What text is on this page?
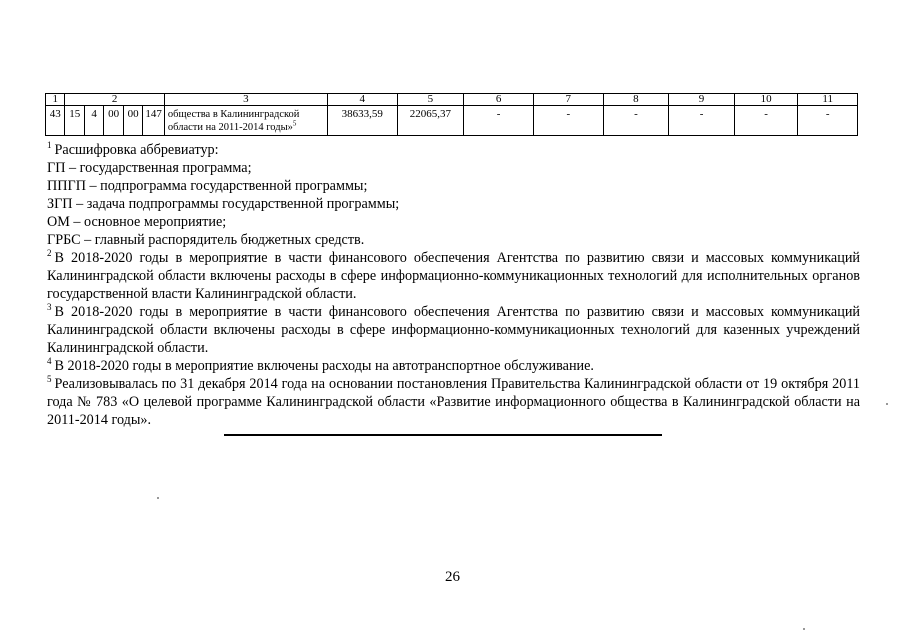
1	2					3	4	5	6	7	8	9	10	11
43	15	4	00	00	147	общества в Калининградской
области на 2011-2014 годы»$^5$	38633,59	22065,37	-	-	-	-	-	-

$^1$ Расшифровка аббревиатур:

ГП – государственная программа;

ППГП – подпрограмма государственной программы;

ЗГП – задача подпрограммы государственной программы;

ОМ – основное мероприятие;

ГРБС – главный распорядитель бюджетных средств.

$^2$ В 2018-2020 годы в мероприятие в части финансового обеспечения Агентства по развитию связи и массовых коммуникаций Калининградской области включены расходы в сфере информационно-коммуникационных технологий для исполнительных органов государственной власти Калининградской области.

$^3$ В 2018-2020 годы в мероприятие в части финансового обеспечения Агентства по развитию связи и массовых коммуникаций Калининградской области включены расходы в сфере информационно-коммуникационных технологий для казенных учреждений Калининградской области.

$^4$ В 2018-2020 годы в мероприятие включены расходы на автотранспортное обслуживание.

$^5$ Реализовывалась по 31 декабря 2014 года на основании постановления Правительства Калининградской области от 19 октября 2011 года № 783 «О целевой программе Калининградской области «Развитие информационного общества в Калининградской области на 2011-2014 годы».

26
